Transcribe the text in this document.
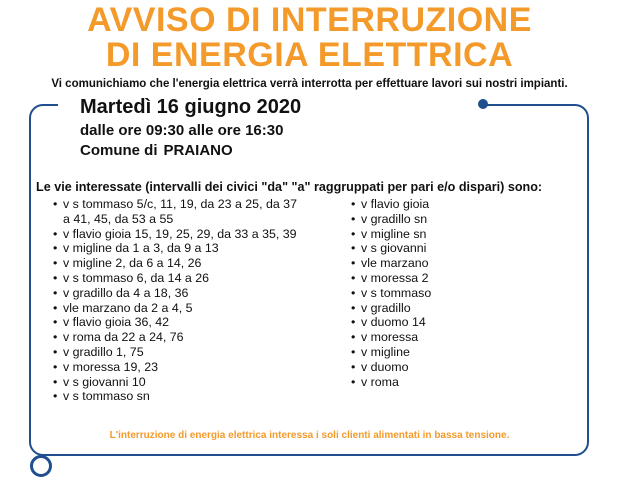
AVVISO DI INTERRUZIONE
DI ENERGIA ELETTRICA
Vi comunichiamo che l'energia elettrica verrà interrotta per effettuare lavori sui nostri impianti.
Martedì 16 giugno 2020
dalle ore 09:30 alle ore 16:30
Comune di PRAIANO
Le vie interessate (intervalli dei civici "da" "a" raggruppati per pari e/o dispari) sono:
• v s tommaso 5/c, 11, 19, da 23 a 25, da 37 a 41, 45, da 53 a 55
• v flavio gioia 15, 19, 25, 29, da 33 a 35, 39
• v migline da 1 a 3, da 9 a 13
• v migline 2, da 6 a 14, 26
• v s tommaso 6, da 14 a 26
• v gradillo da 4 a 18, 36
• vle marzano da 2 a 4, 5
• v flavio gioia 36, 42
• v roma da 22 a 24, 76
• v gradillo 1, 75
• v moressa 19, 23
• v s giovanni 10
• v s tommaso sn
• v flavio gioia
• v gradillo sn
• v migline sn
• v s giovanni
• vle marzano
• v moressa 2
• v s tommaso
• v gradillo
• v duomo 14
• v moressa
• v migline
• v duomo
• v roma
L'interruzione di energia elettrica interessa i soli clienti alimentati in bassa tensione.
